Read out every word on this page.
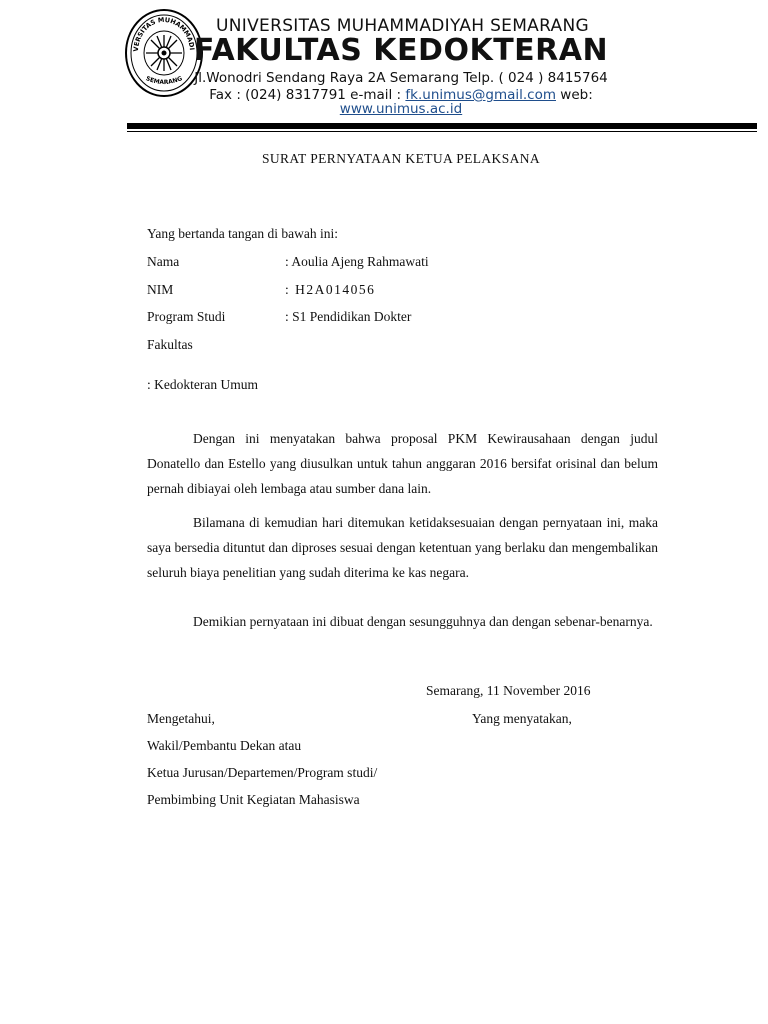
VERSITAS MUHAMMADI
SEMARANG
UNIVERSITAS MUHAMMADIYAH SEMARANG
FAKULTAS KEDOKTERAN
Jl.Wonodri Sendang Raya 2A Semarang Telp. ( 024 ) 8415764
Fax : (024) 8317791 e-mail : fk.unimus@gmail.com web:
www.unimus.ac.id
SURAT PERNYATAAN KETUA PELAKSANA
Yang bertanda tangan di bawah ini:
Nama	: Aoulia Ajeng Rahmawati
NIM	: H2A014056
Program Studi	: S1 Pendidikan Dokter
Fakultas
: Kedokteran Umum
Dengan ini menyatakan bahwa proposal PKM Kewirausahaan dengan judul Donatello dan Estello yang diusulkan untuk tahun anggaran 2016 bersifat orisinal dan belum pernah dibiayai oleh lembaga atau sumber dana lain.
Bilamana di kemudian hari ditemukan ketidaksesuaian dengan pernyataan ini, maka saya bersedia dituntut dan diproses sesuai dengan ketentuan yang berlaku dan mengembalikan seluruh biaya penelitian yang sudah diterima ke kas negara.
Demikian pernyataan ini dibuat dengan sesungguhnya dan dengan sebenar-benarnya.
Semarang, 11 November 2016
Mengetahui,	Yang menyatakan,
Wakil/Pembantu Dekan atau
Ketua Jurusan/Departemen/Program studi/
Pembimbing Unit Kegiatan Mahasiswa
